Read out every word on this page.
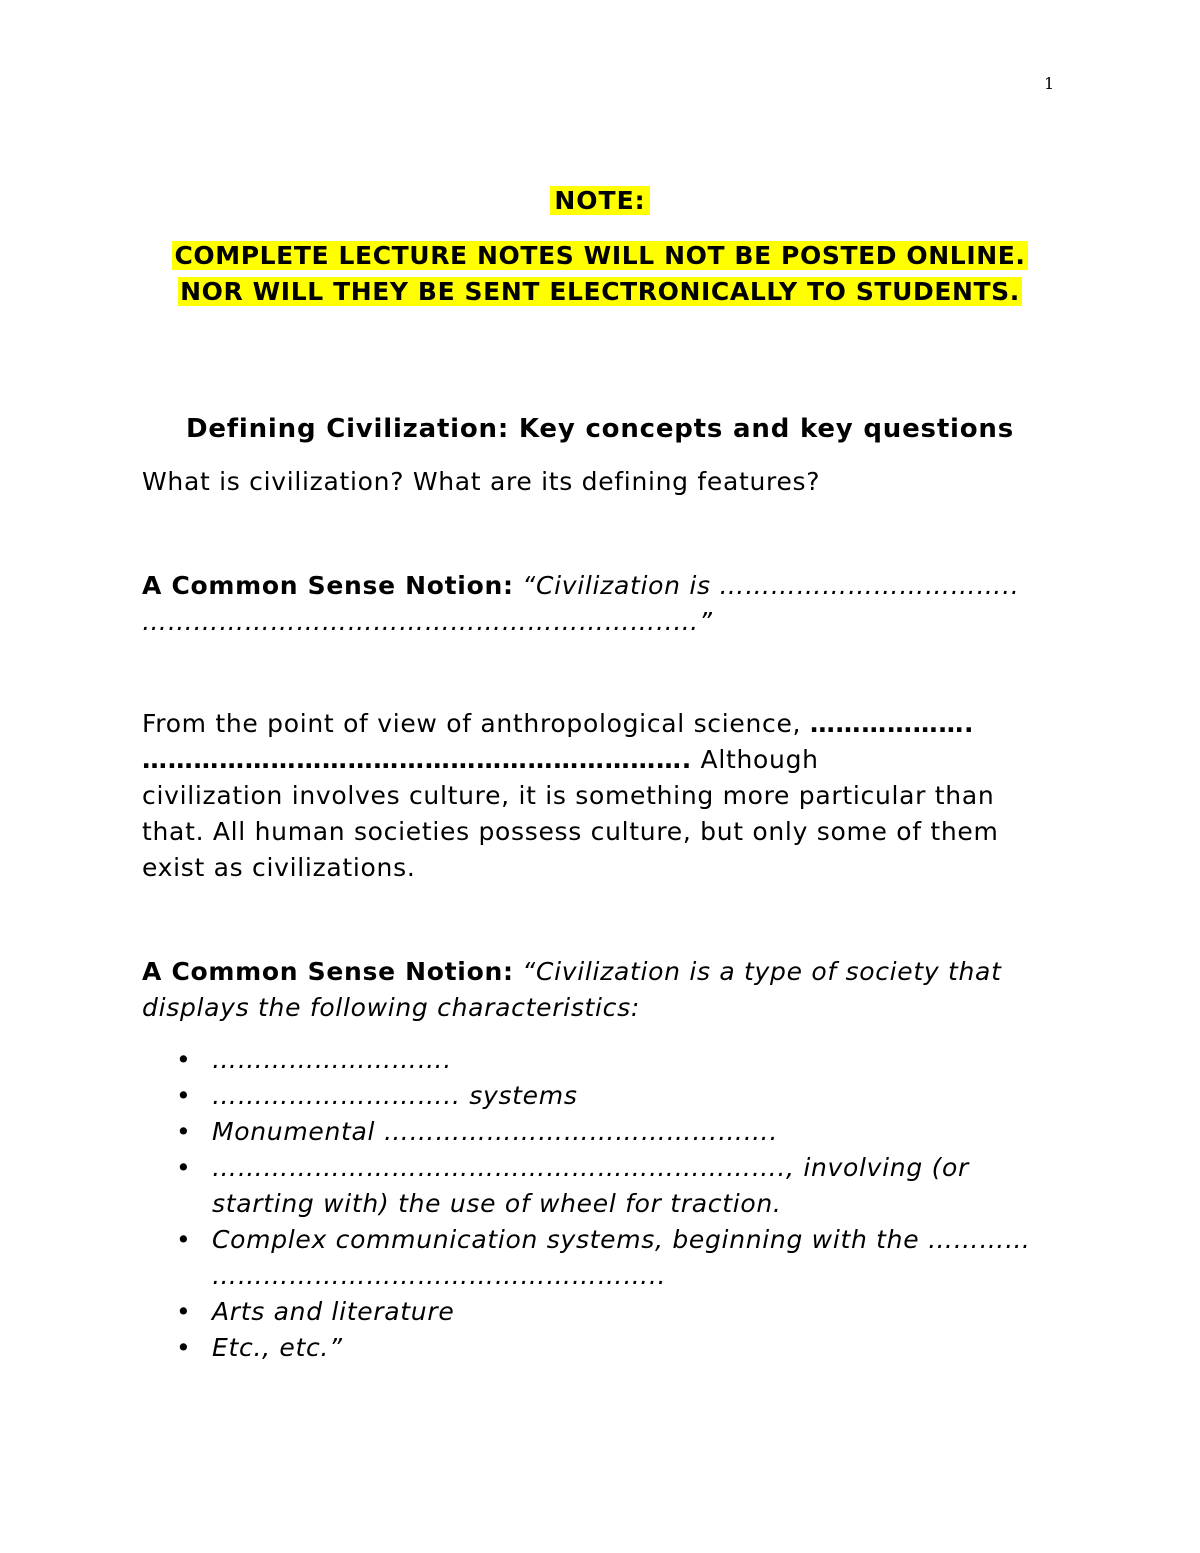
1
NOTE:
COMPLETE LECTURE NOTES WILL NOT BE POSTED ONLINE.
NOR WILL THEY BE SENT ELECTRONICALLY TO STUDENTS.
Defining Civilization: Key concepts and key questions
What is civilization? What are its defining features?
A Common Sense Notion: “Civilization is ……………………………..
……………………………………………………..…”

From the point of view of anthropological science, ……………….

………………………………………………………. Although

civilization involves culture, it is something more particular than that. All human societies possess culture, but only some of them exist as civilizations.

A Common Sense Notion: “Civilization is a type of society that displays the following characteristics:

• ……………………….
• ……………………….. systems
• Monumental ……………………………………….
• …………………………………………………………., involving (or starting with) the use of wheel for traction.
• Complex communication systems, beginning with the ………… ……………………………………………..
• Arts and literature
• Etc., etc.”
